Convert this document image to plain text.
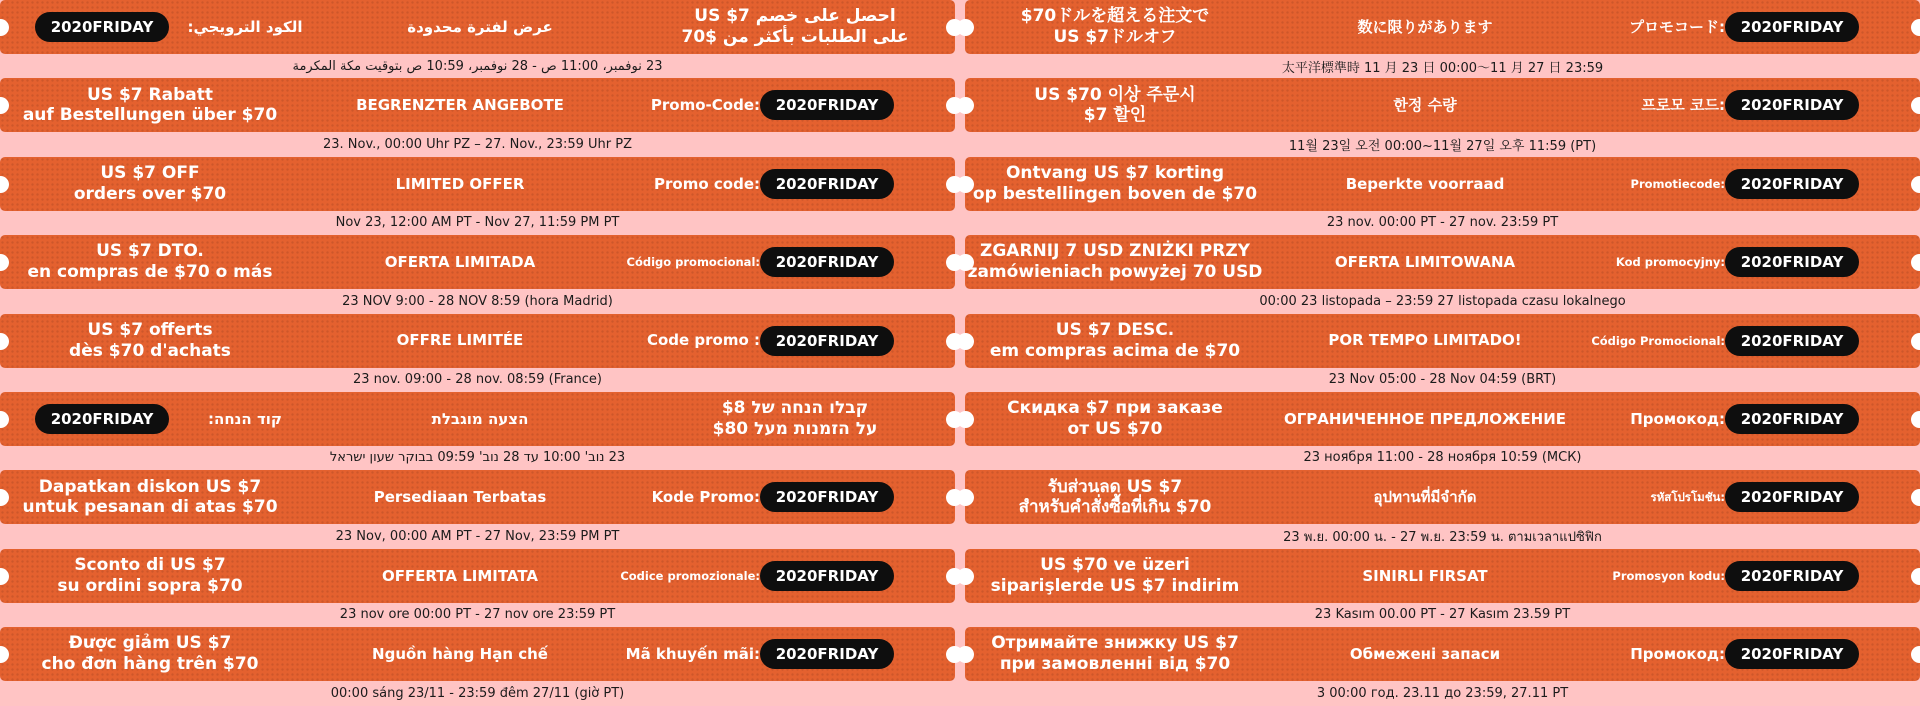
احصل على خصم US $7
على الطلبات بأكثر من $70
عرض لفترة محدودة
الكود الترويجي:
2020FRIDAY
23 نوفمبر، 11:00 ص - 28 نوفمبر، 10:59 ص بتوقيت مكة المكرمة
US $7 Rabatt
auf Bestellungen über $70
BEGRENZTER ANGEBOTE	Promo-Code:	2020FRIDAY
23. Nov., 00:00 Uhr PZ – 27. Nov., 23:59 Uhr PZ
US $7 OFF
orders over $70
LIMITED OFFER	Promo code:	2020FRIDAY
Nov 23, 12:00 AM PT - Nov 27, 11:59 PM PT
US $7 DTO.
en compras de $70 o más
OFERTA LIMITADA	Código promocional:	2020FRIDAY
23 NOV 9:00 - 28 NOV 8:59 (hora Madrid)
US $7 offerts
dès $70 d'achats
OFFRE LIMITÉE	Code promo :	2020FRIDAY
23 nov. 09:00 - 28 nov. 08:59 (France)
קבלו הנחה של $8
על הזמנות מעל $80
הצעה מוגבלת
קוד הנחה:
2020FRIDAY
23 נוב' 10:00 עד 28 נוב' 09:59 בבוקר שעון ישראל
Dapatkan diskon US $7
untuk pesanan di atas $70
Persediaan Terbatas	Kode Promo:	2020FRIDAY
23 Nov, 00:00 AM PT - 27 Nov, 23:59 PM PT
Sconto di US $7
su ordini sopra $70
OFFERTA LIMITATA	Codice promozionale:	2020FRIDAY
23 nov ore 00:00 PT - 27 nov ore 23:59 PT
Được giảm US $7
cho đơn hàng trên $70
Nguồn hàng Hạn chế	Mã khuyến mãi:	2020FRIDAY
00:00 sáng 23/11 - 23:59 đêm 27/11 (giờ PT)
$70ドルを超える注文で
US $7ドルオフ
数に限りがあります	プロモコード:	2020FRIDAY
太平洋標準時 11 月 23 日 00:00～11 月 27 日 23:59
US $70 이상 주문시
$7 할인
한정 수량	프로모 코드:	2020FRIDAY
11월 23일 오전 00:00~11월 27일 오후 11:59 (PT)
Ontvang US $7 korting
op bestellingen boven de $70
Beperkte voorraad	Promotiecode:	2020FRIDAY
23 nov. 00:00 PT - 27 nov. 23:59 PT
ZGARNIJ 7 USD ZNIŻKI PRZY
zamówieniach powyżej 70 USD
OFERTA LIMITOWANA	Kod promocyjny:	2020FRIDAY
00:00 23 listopada – 23:59 27 listopada czasu lokalnego
US $7 DESC.
em compras acima de $70
POR TEMPO LIMITADO!	Código Promocional:	2020FRIDAY
23 Nov 05:00 - 28 Nov 04:59 (BRT)
Скидка $7 при заказе
от US $70
ОГРАНИЧЕННОЕ ПРЕДЛОЖЕНИЕ	Промокод:	2020FRIDAY
23 ноября 11:00 - 28 ноября 10:59 (МСК)
รับส่วนลด US $7
สำหรับคำสั่งซื้อที่เกิน $70
อุปทานที่มีจำกัด	รหัสโปรโมชัน:	2020FRIDAY
23 พ.ย. 00:00 น. - 27 พ.ย. 23:59 น. ตามเวลาแปซิฟิก
US $70 ve üzeri
siparişlerde US $7 indirim
SINIRLI FIRSAT	Promosyon kodu:	2020FRIDAY
23 Kasım 00.00 PT - 27 Kasım 23.59 PT
Отримайте знижку US $7
при замовленні від $70
Обмежені запаси	Промокод:	2020FRIDAY
3 00:00 год. 23.11 до 23:59, 27.11 PT
